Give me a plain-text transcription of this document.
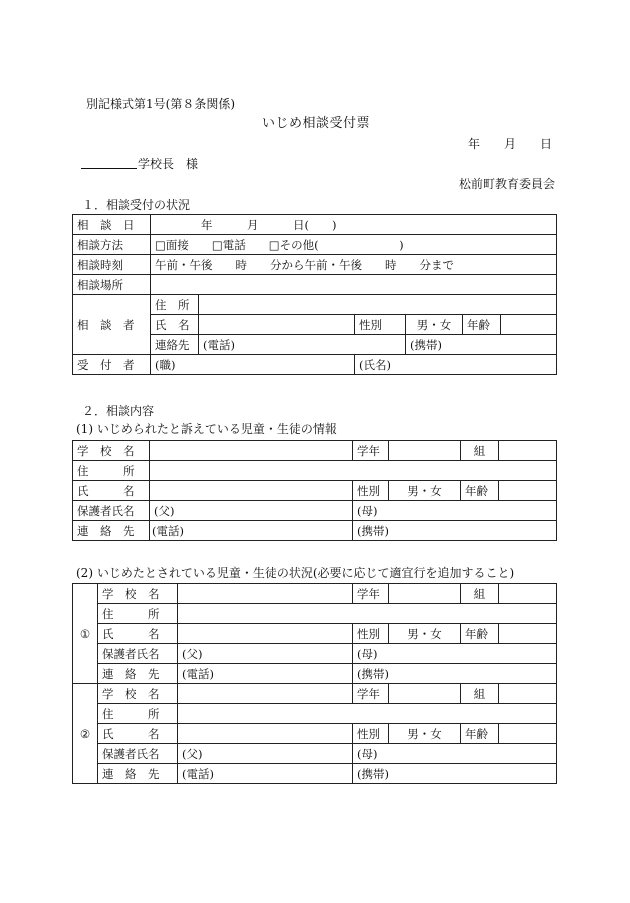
別記様式第1号(第８条関係)
いじめ相談受付票
年　　月　　日
学校長　様
松前町教育委員会
１．相談受付の状況
相　談　日	年　　　月　　　日(　　)					
相談方法	□面接　　□電話　　□その他(　　　　　　　)					
相談時刻	午前・午後　　時　　分から午前・午後　　時　　分まで					
相談場所						
相　談　者	住　所					
	氏　名		性別	男・女	年齢	
	連絡先	(電話)		(携帯)		
受　付　者	(職)		(氏名)			
２．相談内容
(1) いじめられたと訴えている児童・生徒の情報
学　校　名		学年		組	
住　　　所					
氏　　　名		性別	男・女	年齢	
保護者氏名	(父)	(母)			
連　絡　先	(電話)	(携帯)			
(2) いじめたとされている児童・生徒の状況(必要に応じて適宜行を追加すること)
①	学　校　名		学年		組	
	住　　　所					
	氏　　　名		性別	男・女	年齢	
	保護者氏名	(父)	(母)			
	連　絡　先	(電話)	(携帯)			
②	学　校　名		学年		組	
	住　　　所					
	氏　　　名		性別	男・女	年齢	
	保護者氏名	(父)	(母)			
	連　絡　先	(電話)	(携帯)			
